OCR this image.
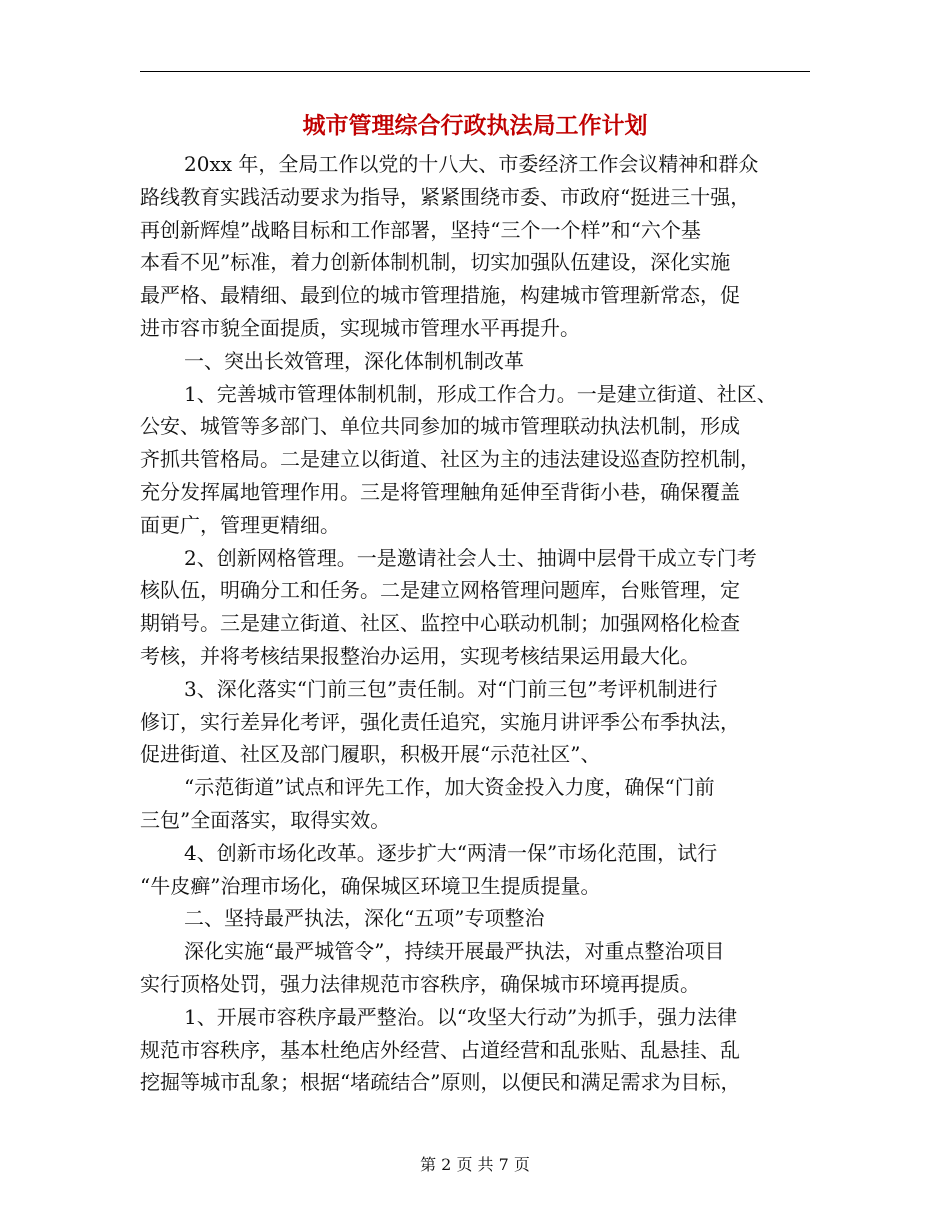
城市管理综合行政执法局工作计划
20xx 年，全局工作以党的十八大、市委经济工作会议精神和群众
路线教育实践活动要求为指导，紧紧围绕市委、市政府“挺进三十强，
再创新辉煌”战略目标和工作部署，坚持“三个一个样”和“六个基
本看不见”标准，着力创新体制机制，切实加强队伍建设，深化实施
最严格、最精细、最到位的城市管理措施，构建城市管理新常态，促
进市容市貌全面提质，实现城市管理水平再提升。
一、突出长效管理，深化体制机制改革
1、完善城市管理体制机制，形成工作合力。一是建立街道、社区、
公安、城管等多部门、单位共同参加的城市管理联动执法机制，形成
齐抓共管格局。二是建立以街道、社区为主的违法建设巡查防控机制，
充分发挥属地管理作用。三是将管理触角延伸至背街小巷，确保覆盖
面更广，管理更精细。
2、创新网格管理。一是邀请社会人士、抽调中层骨干成立专门考
核队伍，明确分工和任务。二是建立网格管理问题库，台账管理，定
期销号。三是建立街道、社区、监控中心联动机制；加强网格化检查
考核，并将考核结果报整治办运用，实现考核结果运用最大化。
3、深化落实“门前三包”责任制。对“门前三包”考评机制进行
修订，实行差异化考评，强化责任追究，实施月讲评季公布季执法，
促进街道、社区及部门履职，积极开展“示范社区”、
“示范街道”试点和评先工作，加大资金投入力度，确保“门前
三包”全面落实，取得实效。
4、创新市场化改革。逐步扩大“两清一保”市场化范围，试行
“牛皮癣”治理市场化，确保城区环境卫生提质提量。
二、坚持最严执法，深化“五项”专项整治
深化实施“最严城管令”，持续开展最严执法，对重点整治项目
实行顶格处罚，强力法律规范市容秩序，确保城市环境再提质。
1、开展市容秩序最严整治。以“攻坚大行动”为抓手，强力法律
规范市容秩序，基本杜绝店外经营、占道经营和乱张贴、乱悬挂、乱
挖掘等城市乱象；根据“堵疏结合”原则，以便民和满足需求为目标，
第 2 页 共 7 页
